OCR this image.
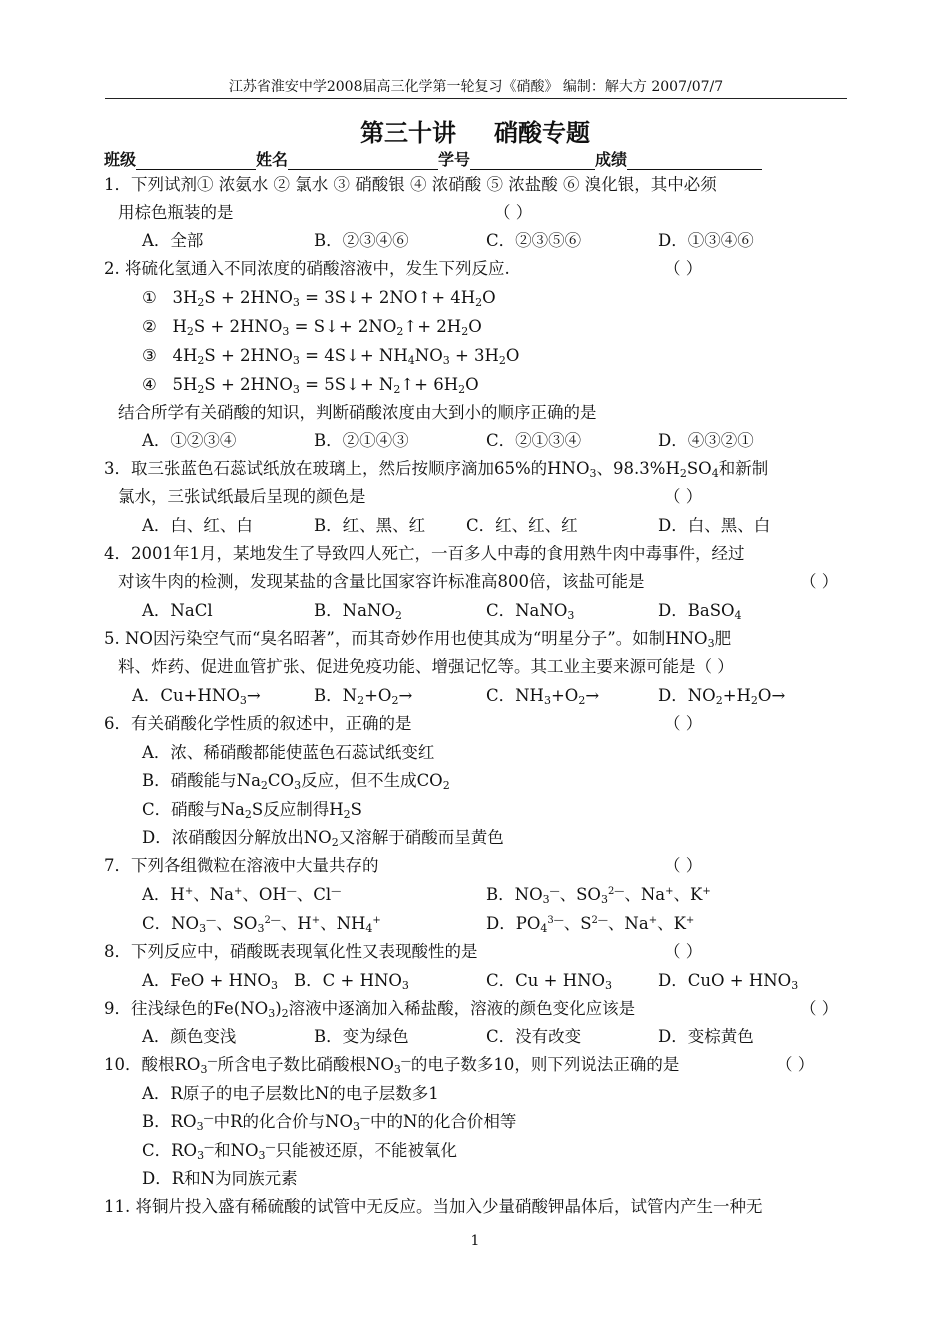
江苏省淮安中学2008届高三化学第一轮复习《硝酸》 编制：解大方 2007/07/7
第三十讲 硝酸专题
班级	姓名	学号	成绩
1．下列试剂① 浓氨水 ② 氯水 ③ 硝酸银 ④ 浓硝酸 ⑤ 浓盐酸 ⑥ 溴化银，其中必须
用棕色瓶装的是	（ ）
A．全部	B．②③④⑥	C．②③⑤⑥	D．①③④⑥
2. 将硫化氢通入不同浓度的硝酸溶液中，发生下列反应.	（ ）
①   $3H_2S + 2HNO_3$ = 3S↓+ 2NO↑+ $4H_2O$
②   $H_2S + 2HNO_3$ = S↓+ $2NO_2↑+ 2H_2O$
③   $4H_2S + 2HNO_3$ = 4S↓+ $NH_4NO_3 + 3H_2O$
④   $5H_2S + 2HNO_3$ = 5S↓+ $N_2↑+ 6H_2O$
结合所学有关硝酸的知识，判断硝酸浓度由大到小的顺序正确的是
A．①②③④	B．②①④③	C．②①③④	D．④③②①
3．取三张蓝色石蕊试纸放在玻璃上，然后按顺序滴加65%的$HNO_3$、$98.3\%H_2SO_4$和新制
氯水，三张试纸最后呈现的颜色是	（ ）
A．白、红、白	B．红、黑、红 C．红、红、红	D．白、黑、白
4．2001年1月，某地发生了导致四人死亡，一百多人中毒的食用熟牛肉中毒事件，经过
对该牛肉的检测，发现某盐的含量比国家容许标准高800倍，该盐可能是	（ ）
A．NaCl	B．NaNO$_2$	C．NaNO$_3$	D．BaSO$_4$
5. NO因污染空气而“臭名昭著”，而其奇妙作用也使其成为“明星分子”。如制$HNO_3$肥
料、炸药、促进血管扩张、促进免疫功能、增强记忆等。其工业主要来源可能是（ ）
A．$Cu+HNO_3\to$	B．$N_2+O_2\to$	C．$NH_3+O_2\to$	D．$NO_2+H_2O\to$
6．有关硝酸化学性质的叙述中，正确的是	（ ）
A．浓、稀硝酸都能使蓝色石蕊试纸变红
B．硝酸能与$Na_2CO_3$反应，但不生成$CO_2$
C．硝酸与$Na_2S$反应制得$H_2S$
D．浓硝酸因分解放出$NO_2$又溶解于硝酸而呈黄色
7．下列各组微粒在溶液中大量共存的	（ ）
A．H+、Na+、OH—、Cl—	B．$NO_3^—$、$SO_3^{2—}$、Na+、K+
C．$NO_3^—$、$SO_3^{2—}$、H+、$NH_4^+$	D．$PO_4^{3—}$、$S^{2—}$、Na+、K+
8．下列反应中，硝酸既表现氧化性又表现酸性的是	（ ）
A．FeO + $HNO_3$ B．$C + HNO_3$	C．$Cu + HNO_3$	D．CuO + $HNO_3$
9．往浅绿色的$Fe(NO_3)_2$溶液中逐滴加入稀盐酸，溶液的颜色变化应该是	（ ）
A．颜色变浅	B．变为绿色	C．没有改变	D．变棕黄色
10．酸根$RO_3^—$所含电子数比硝酸根$NO_3^—$的电子数多10，则下列说法正确的是	（ ）
A．R原子的电子层数比N的电子层数多1
B．$RO_3^—$中R的化合价与$NO_3^—$中的N的化合价相等
C．$RO_3^—$和$NO_3^—$只能被还原，不能被氧化
D．R和N为同族元素
11. 将铜片投入盛有稀硫酸的试管中无反应。当加入少量硝酸钾晶体后，试管内产生一种无
1
